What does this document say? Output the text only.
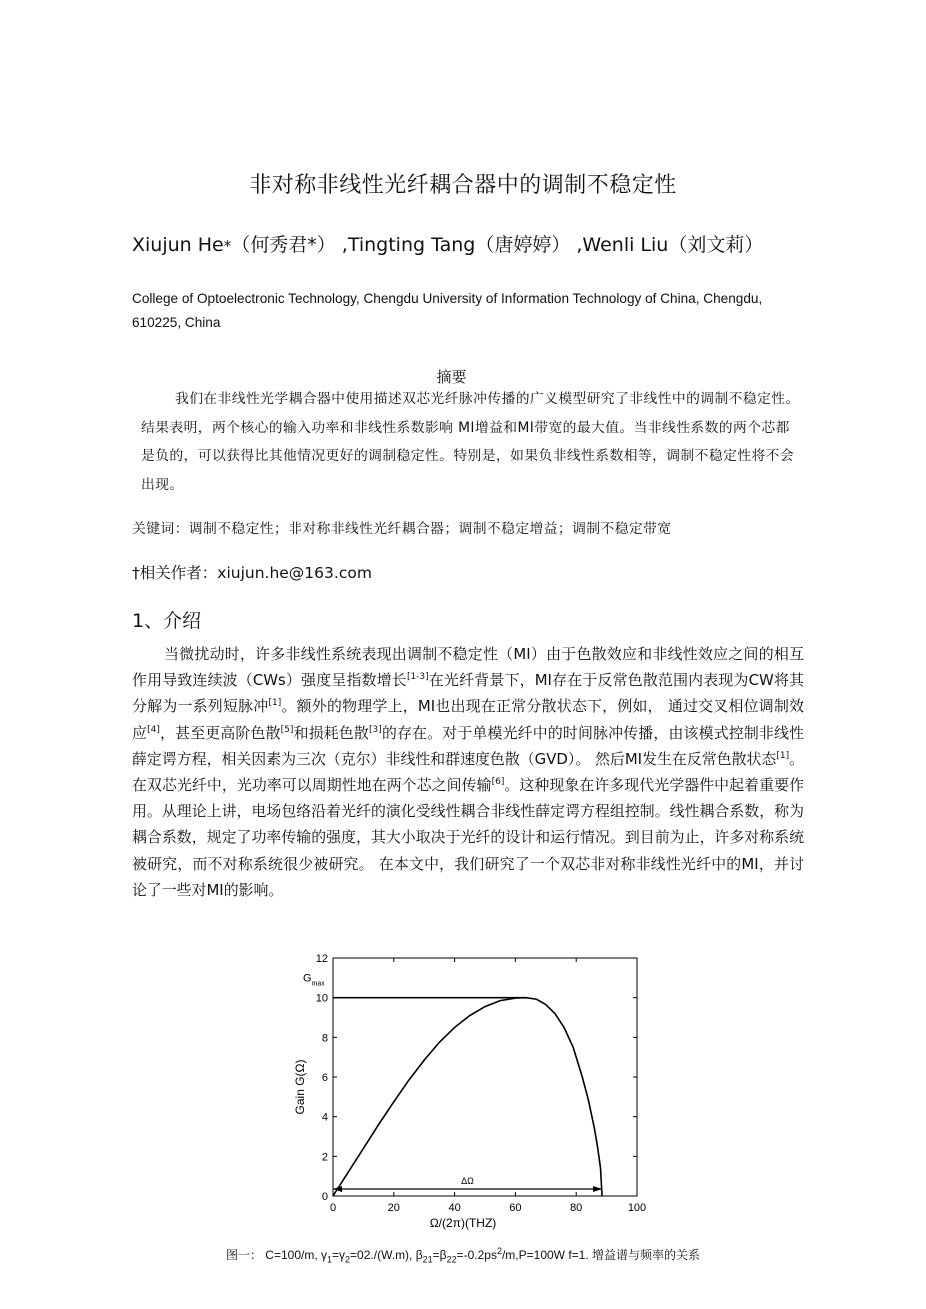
非对称非线性光纤耦合器中的调制不稳定性
Xiujun He*（何秀君*） ,Tingting Tang（唐婷婷） ,Wenli Liu（刘文莉）
College of Optoelectronic Technology, Chengdu University of Information Technology of China, Chengdu, 610225, China
摘要

我们在非线性光学耦合器中使用描述双芯光纤脉冲传播的广义模型研究了非线性中的调制不稳定性。结果表明，两个核心的输入功率和非线性系数影响 MI增益和MI带宽的最大值。当非线性系数的两个芯都是负的，可以获得比其他情况更好的调制稳定性。特别是，如果负非线性系数相等，调制不稳定性将不会出现。

关键词：调制不稳定性；非对称非线性光纤耦合器；调制不稳定增益；调制不稳定带宽
†相关作者：xiujun.he@163.com
1、介绍

当微扰动时，许多非线性系统表现出调制不稳定性（MI）由于色散效应和非线性效应之间的相互作用导致连续波（CWs）强度呈指数增长[1-3]在光纤背景下，MI存在于反常色散范围内表现为CW将其分解为一系列短脉冲[1]。额外的物理学上，MI也出现在正常分散状态下，例如， 通过交叉相位调制效应[4]，甚至更高阶色散[5]和损耗色散[3]的存在。对于单模光纤中的时间脉冲传播，由该模式控制非线性薛定谔方程，相关因素为三次（克尔）非线性和群速度色散（GVD）。 然后MI发生在反常色散状态[1]。在双芯光纤中，光功率可以周期性地在两个芯之间传输[6]。这种现象在许多现代光学器件中起着重要作用。从理论上讲，电场包络沿着光纤的演化受线性耦合非线性薛定谔方程组控制。线性耦合系数，称为耦合系数，规定了功率传输的强度，其大小取决于光纤的设计和运行情况。到目前为止，许多对称系统被研究，而不对称系统很少被研究。 在本文中，我们研究了一个双芯非对称非线性光纤中的MI，并讨论了一些对MI的影响。

0
2
4
6
8
10
12
0	20	40	60	80	100
ΔΩ
$G_{max}$
Gain G(Ω)
Ω/(2π)(THZ)
图一： C=100/m, $\gamma_1=\gamma_2=02./(W.m)$, $\beta_{21}=\beta_{22}=-0.2ps^2/m,P=100W$ f=1. 增益谱与频率的关系
